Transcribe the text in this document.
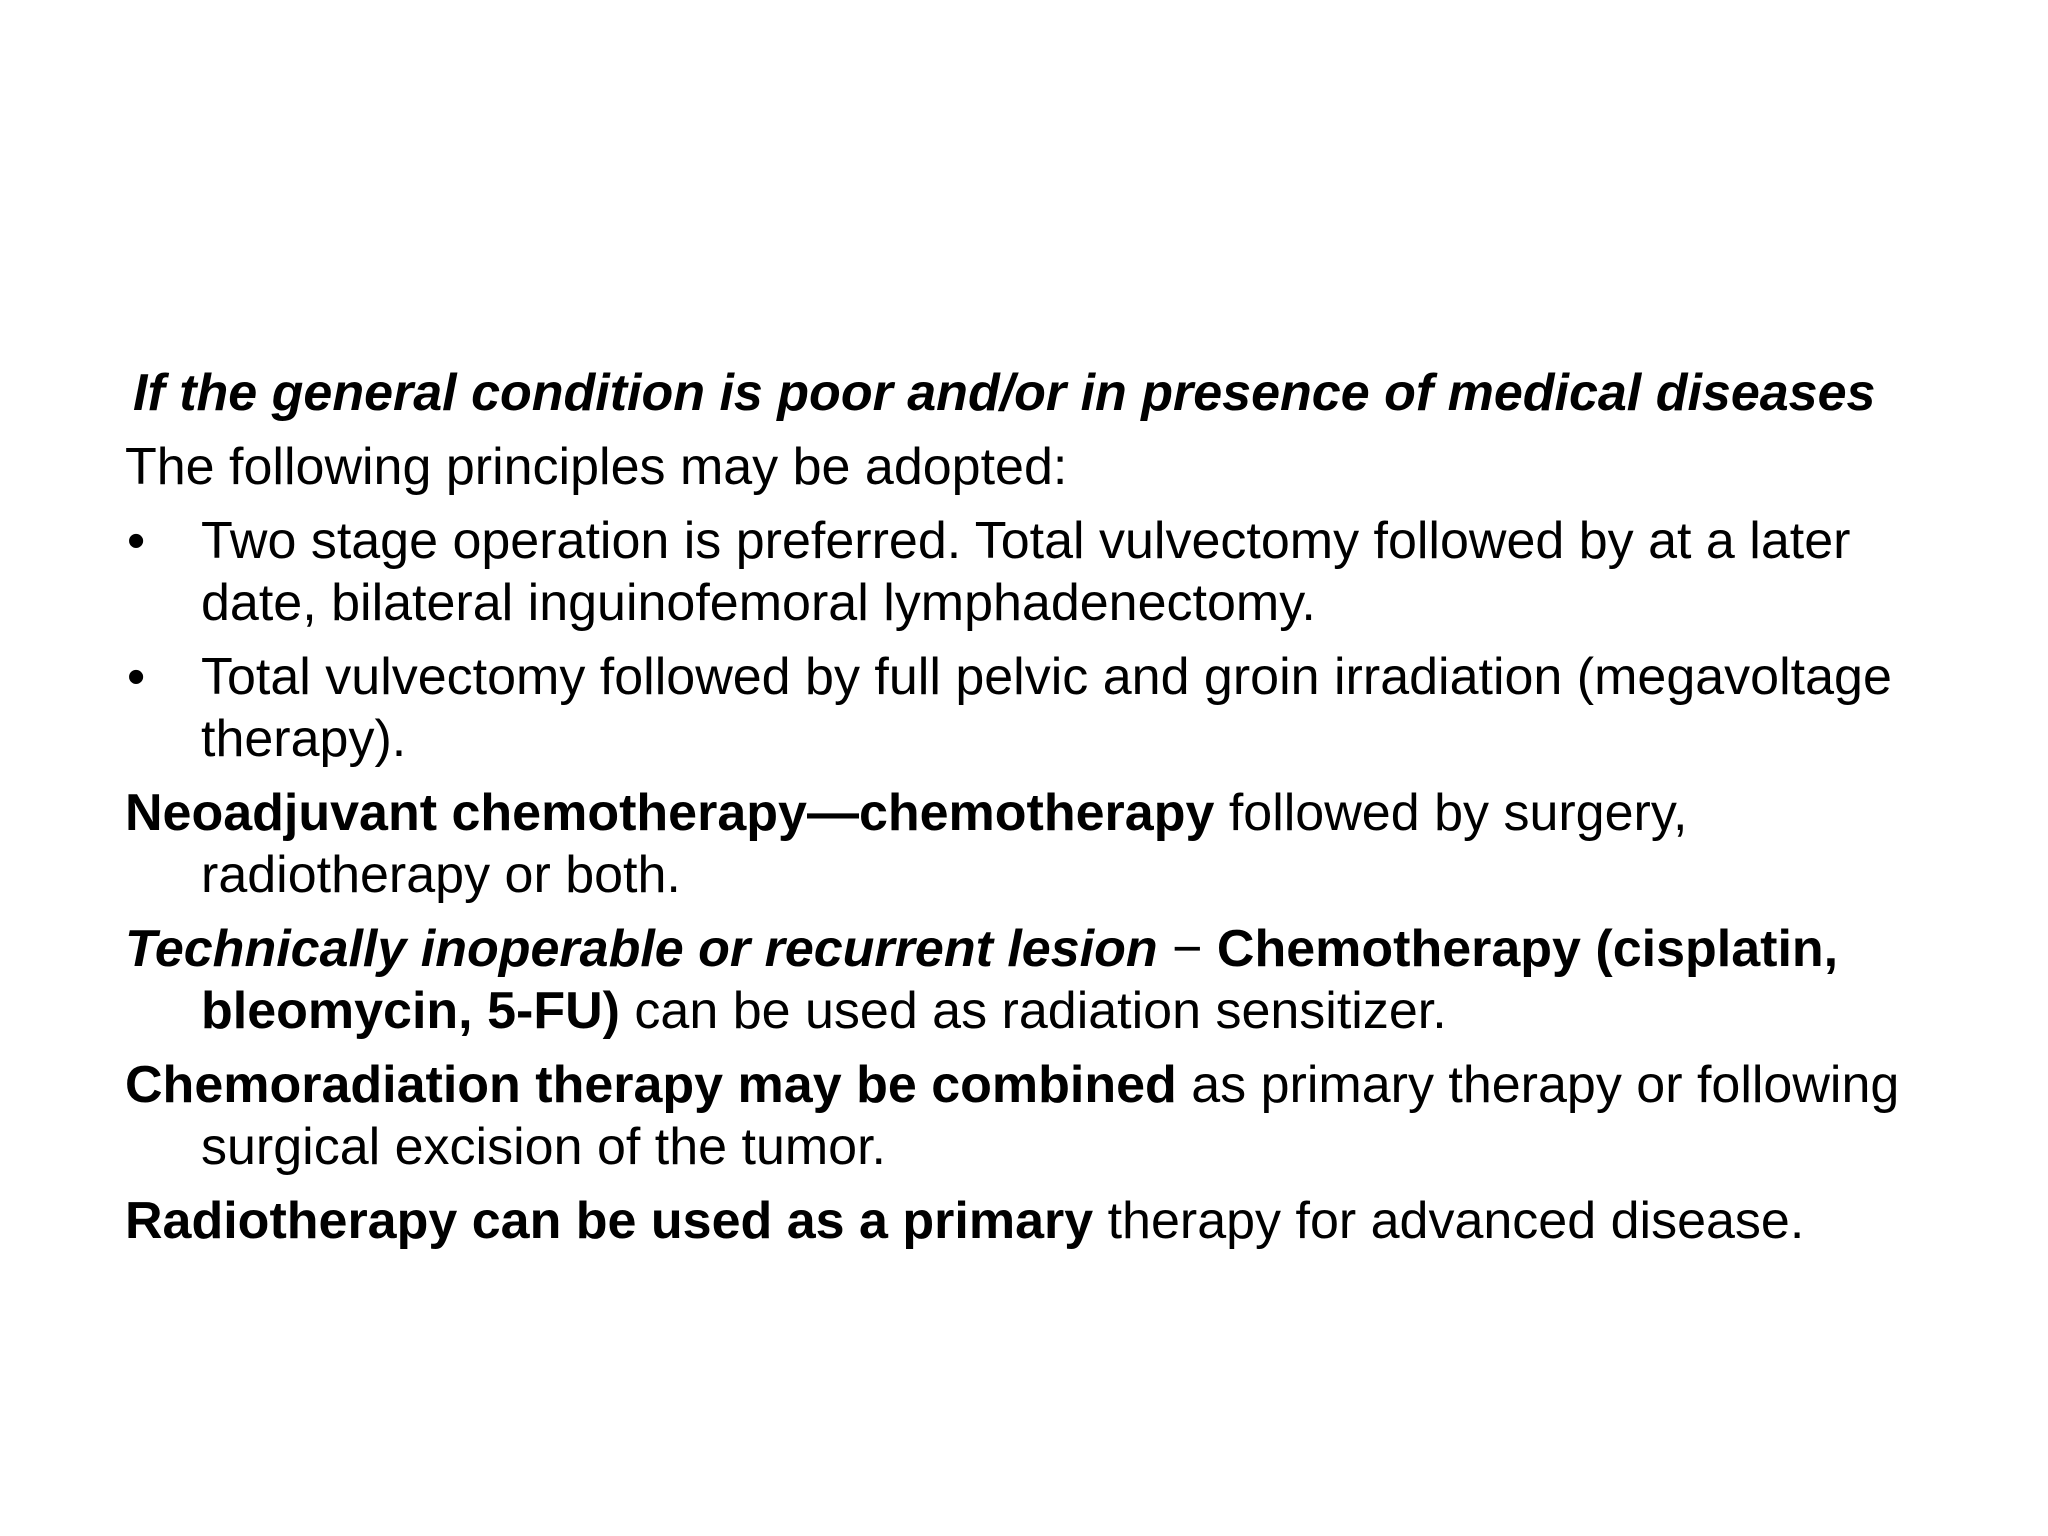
If the general condition is poor and/or in presence of medical diseases

The following principles may be adopted:

• Two stage operation is preferred. Total vulvectomy followed by at a later date, bilateral inguinofemoral lymphadenectomy.
• Total vulvectomy followed by full pelvic and groin irradiation (megavoltage therapy).

Neoadjuvant chemotherapy—chemotherapy followed by surgery, radiotherapy or both.

Technically inoperable or recurrent lesion − Chemotherapy (cisplatin, bleomycin, 5-FU) can be used as radiation sensitizer.

Chemoradiation therapy may be combined as primary therapy or following surgical excision of the tumor.

Radiotherapy can be used as a primary therapy for advanced disease.
